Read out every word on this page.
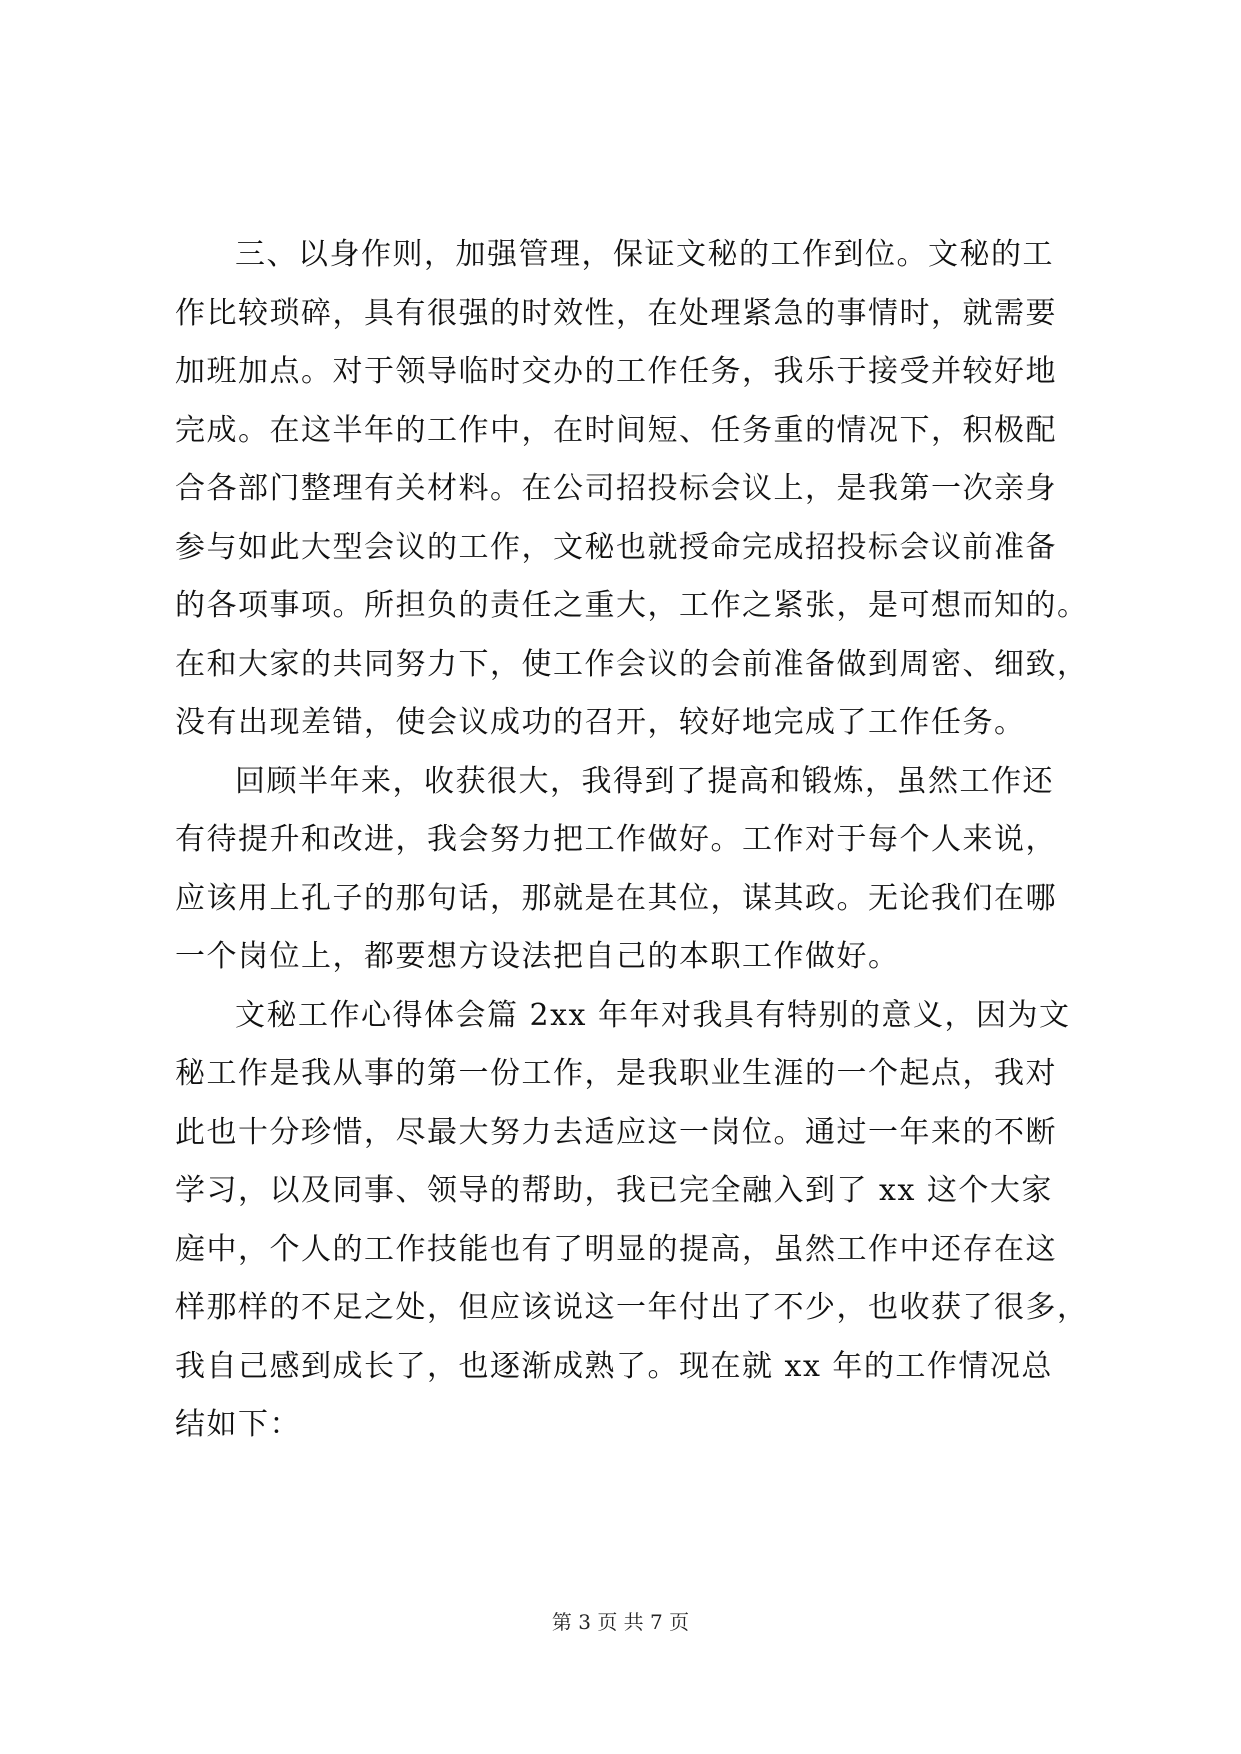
三、以身作则，加强管理，保证文秘的工作到位。文秘的工
作比较琐碎，具有很强的时效性，在处理紧急的事情时，就需要
加班加点。对于领导临时交办的工作任务，我乐于接受并较好地
完成。在这半年的工作中，在时间短、任务重的情况下，积极配
合各部门整理有关材料。在公司招投标会议上，是我第一次亲身
参与如此大型会议的工作，文秘也就授命完成招投标会议前准备
的各项事项。所担负的责任之重大，工作之紧张，是可想而知的。
在和大家的共同努力下，使工作会议的会前准备做到周密、细致，
没有出现差错，使会议成功的召开，较好地完成了工作任务。
回顾半年来，收获很大，我得到了提高和锻炼，虽然工作还
有待提升和改进，我会努力把工作做好。工作对于每个人来说，
应该用上孔子的那句话，那就是在其位，谋其政。无论我们在哪
一个岗位上，都要想方设法把自己的本职工作做好。
文秘工作心得体会篇 2xx 年年对我具有特别的意义，因为文
秘工作是我从事的第一份工作，是我职业生涯的一个起点，我对
此也十分珍惜，尽最大努力去适应这一岗位。通过一年来的不断
学习，以及同事、领导的帮助，我已完全融入到了 xx 这个大家
庭中，个人的工作技能也有了明显的提高，虽然工作中还存在这
样那样的不足之处，但应该说这一年付出了不少，也收获了很多，
我自己感到成长了，也逐渐成熟了。现在就 xx 年的工作情况总
结如下：
第 3 页 共 7 页
